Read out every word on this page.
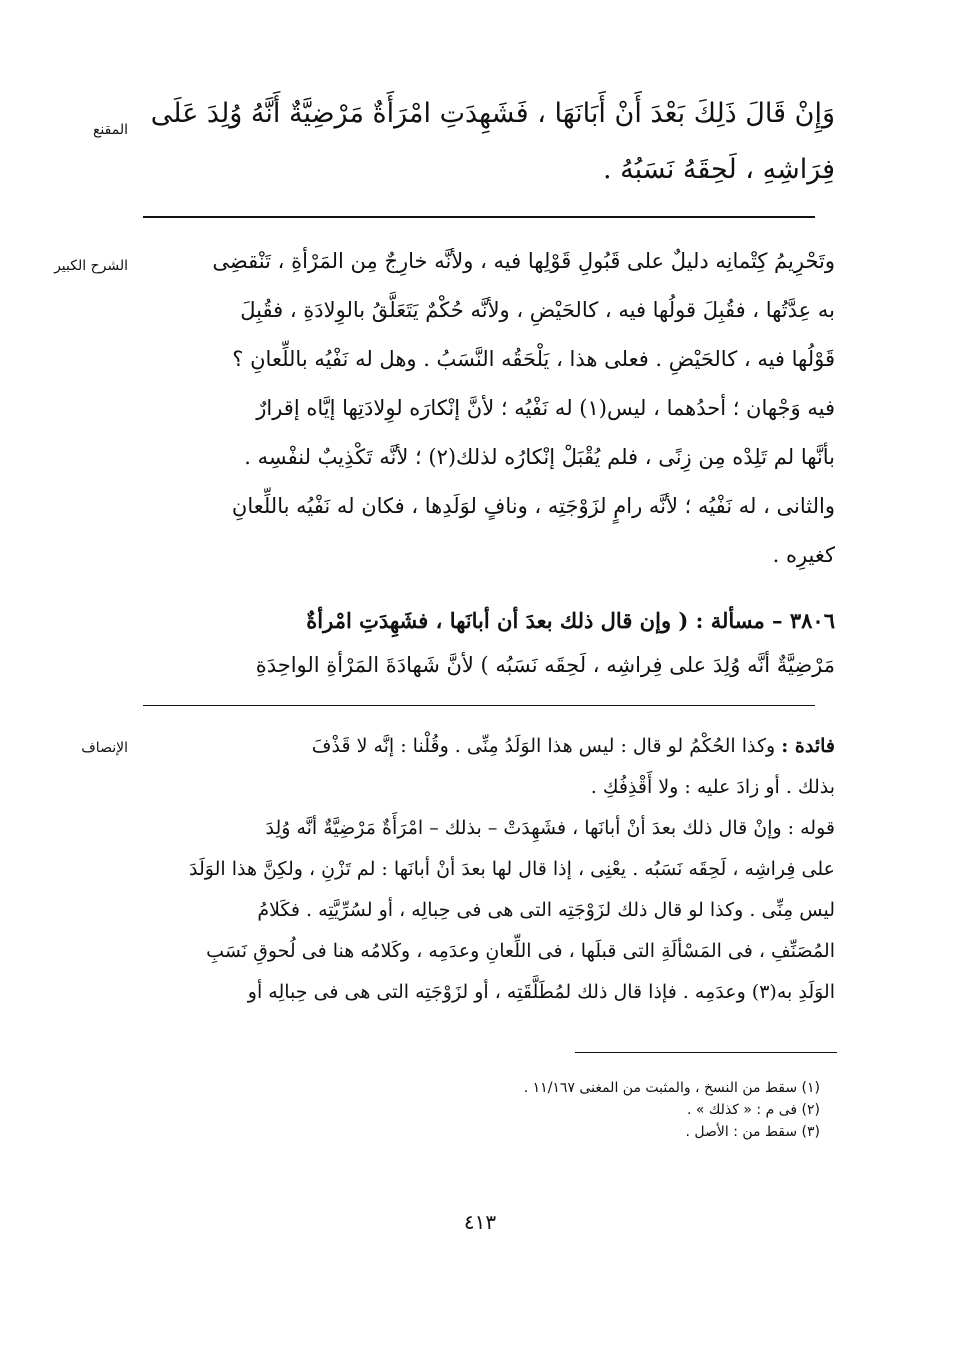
المقنع
وَإِنْ قَالَ ذَلِكَ بَعْدَ أَنْ أَبَانَهَا ، فَشَهِدَتِ امْرَأَةٌ مَرْضِيَّةٌ أَنَّهُ وُلِدَ عَلَى
فِرَاشِهِ ، لَحِقَهُ نَسَبُهُ .
الشرح الكبير	وتَحْرِيمُ كِتْمانِه دليلٌ على قَبُولِ قَوْلِها فيه ، ولأنَّه خارِجٌ مِن المَرْأةِ ، تَنْقضِى
به عِدَّتُها ، فقُبِلَ قولُها فيه ، كالحَيْضِ ، ولأنَّه حُكْمٌ يَتَعَلَّقُ بالوِلادَةِ ، فقُبِلَ
قَوْلُها فيه ، كالحَيْضِ . فعلى هذا ، يَلْحَقُه النَّسَبُ . وهل له نَفْيُه باللِّعانِ ؟
فيه وَجْهان ؛ أحدُهما ، ليس(١) له نَفْيُه ؛ لأنَّ إنْكارَه لوِلادَتِها إيَّاه إقرارٌ
بأنَّها لم تَلِدْه مِن زِنًى ، فلم يُقْبَلْ إنْكارُه لذلك(٢) ؛ لأنَّه تَكْذِيبٌ لنفْسِه .
والثانى ، له نَفْيُه ؛ لأنَّه رامٍ لزَوْجَتِه ، ونافٍ لوَلَدِها ، فكان له نَفْيُه باللِّعانِ
كغيرِه .
٣٨٠٦ – مسألة : ( وإن قال ذلك بعدَ أن أبانَها ، فشَهِدَتِ امْرأةٌ
مَرْضِيَّةٌ أنَّه وُلِدَ على فِراشِه ، لَحِقَه نَسَبُه ) لأنَّ شَهادَةَ المَرْأةِ الواحِدَةِ
الإنصاف	فائدة : وكذا الحُكْمُ لو قال : ليس هذا الوَلَدُ مِنِّى . وقُلْنا : إنَّه لا قَذْفَ
بذلك . أو زادَ عليه : ولا أَقْذِفُكِ .
قوله : وإنْ قال ذلك بعدَ أنْ أبانَها ، فشَهِدَتْ – بذلك – امْرَأَةٌ مَرْضِيَّةٌ أنَّه وُلِدَ
على فِراشِه ، لَحِقَه نَسَبُه . يعْنِى ، إذا قال لها بعدَ أنْ أبانَها : لم تَزْنِ ، ولكِنَّ هذا الوَلَدَ
ليس مِنِّى . وكذا لو قال ذلك لزَوْجَتِه التى هى فى حِبالِه ، أو لسُرِّيَّتِه . فكَلامُ
المُصَنِّفِ ، فى المَسْألَةِ التى قبلَها ، فى اللِّعانِ وعدَمِه ، وكَلامُه هنا فى لُحوقِ نَسَبِ
الوَلَدِ به(٣) وعدَمِه . فإذا قال ذلك لمُطَلَّقَتِه ، أو لزَوْجَتِه التى هى فى حِبالِه أو
(١) سقط من النسخ ، والمثبت من المغنى ١١/١٦٧ .
(٢) فى م : « كذلك » .
(٣) سقط من : الأصل .
٤١٣
